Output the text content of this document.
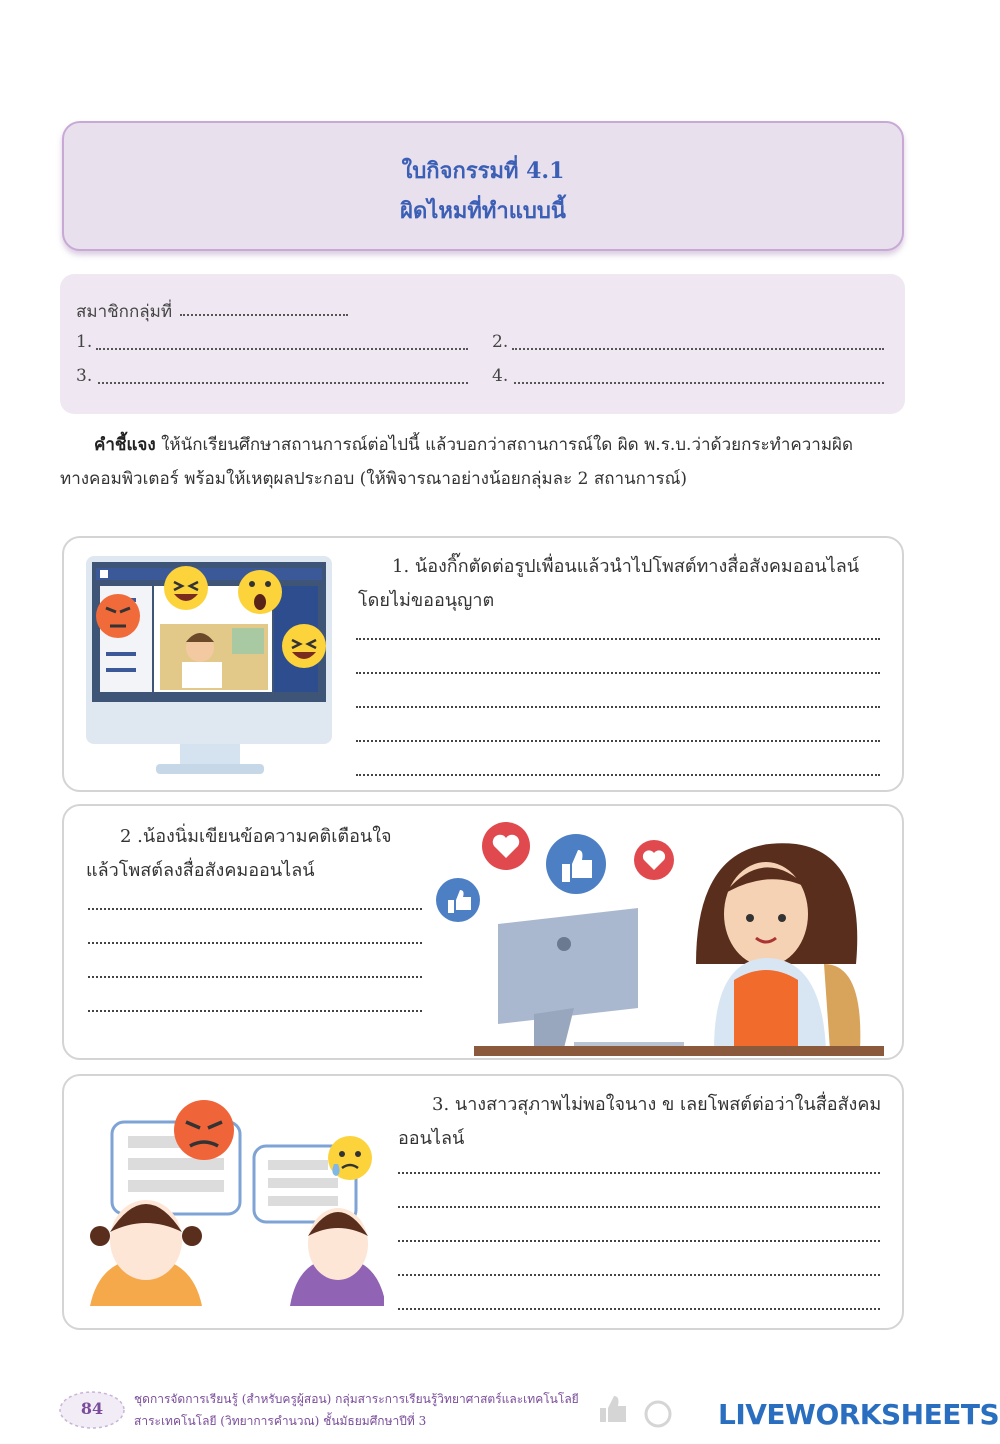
ใบกิจกรรมที่ 4.1
ผิดไหมที่ทำแบบนี้
สมาชิกกลุ่มที่
1.	2.
3.	4.
คำชี้แจง ให้นักเรียนศึกษาสถานการณ์ต่อไปนี้ แล้วบอกว่าสถานการณ์ใด ผิด พ.ร.บ.ว่าด้วยกระทำความผิด
ทางคอมพิวเตอร์ พร้อมให้เหตุผลประกอบ (ให้พิจารณาอย่างน้อยกลุ่มละ 2 สถานการณ์)
1. น้องกิ๊กตัดต่อรูปเพื่อนแล้วนำไปโพสต์ทางสื่อสังคมออนไลน์
โดยไม่ขออนุญาต
2 .น้องนิ่มเขียนข้อความคติเตือนใจ
แล้วโพสต์ลงสื่อสังคมออนไลน์
3. นางสาวสุภาพไม่พอใจนาง ข เลยโพสต์ต่อว่าในสื่อสังคม
ออนไลน์
84	ชุดการจัดการเรียนรู้ (สำหรับครูผู้สอน) กลุ่มสาระการเรียนรู้วิทยาศาสตร์และเทคโนโลยี
สาระเทคโนโลยี (วิทยาการคำนวณ) ชั้นมัธยมศึกษาปีที่ 3	LIVEWORKSHEETS
